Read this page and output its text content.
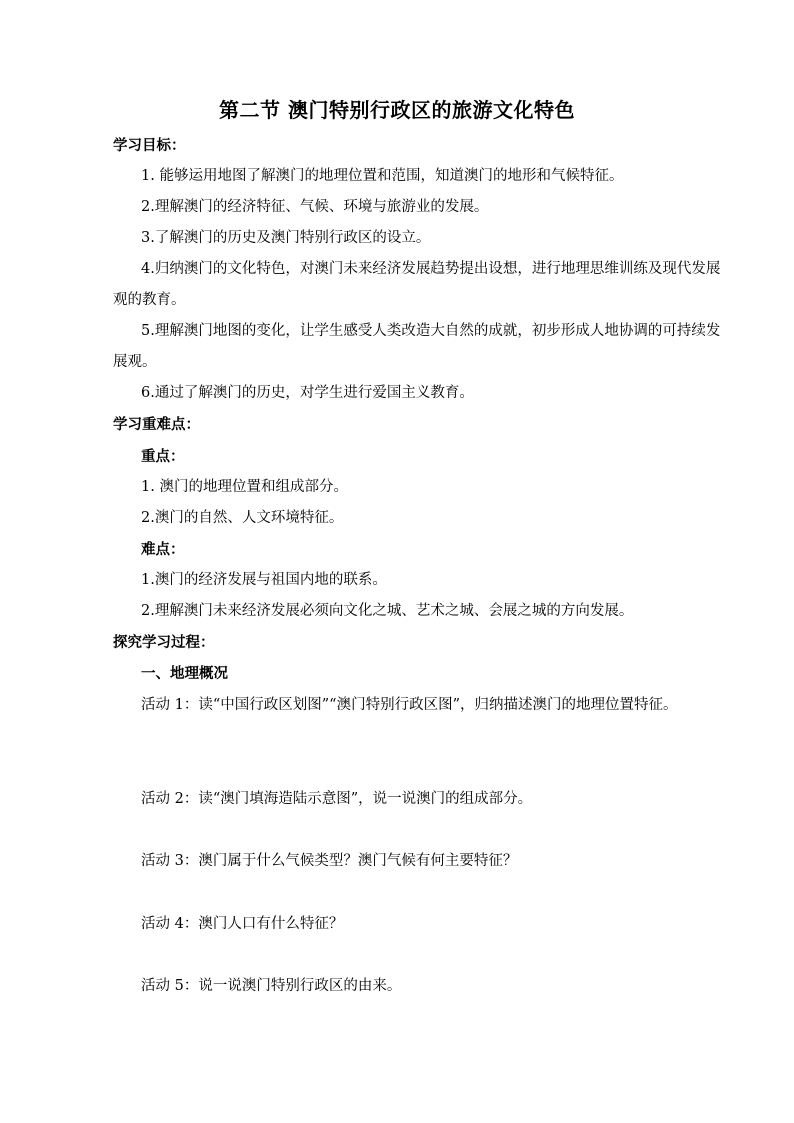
第二节 澳门特别行政区的旅游文化特色

学习目标：

1. 能够运用地图了解澳门的地理位置和范围，知道澳门的地形和气候特征。

2.理解澳门的经济特征、气候、环境与旅游业的发展。

3.了解澳门的历史及澳门特别行政区的设立。

4.归纳澳门的文化特色，对澳门未来经济发展趋势提出设想，进行地理思维训练及现代发展观的教育。

5.理解澳门地图的变化，让学生感受人类改造大自然的成就，初步形成人地协调的可持续发展观。

6.通过了解澳门的历史，对学生进行爱国主义教育。

学习重难点：

重点：

1. 澳门的地理位置和组成部分。

2.澳门的自然、人文环境特征。

难点：

1.澳门的经济发展与祖国内地的联系。

2.理解澳门未来经济发展必须向文化之城、艺术之城、会展之城的方向发展。

探究学习过程：

一、地理概况

活动 1：读“中国行政区划图”“澳门特别行政区图”，归纳描述澳门的地理位置特征。

活动 2：读“澳门填海造陆示意图”，说一说澳门的组成部分。

活动 3：澳门属于什么气候类型？澳门气候有何主要特征？

活动 4：澳门人口有什么特征？

活动 5：说一说澳门特别行政区的由来。
